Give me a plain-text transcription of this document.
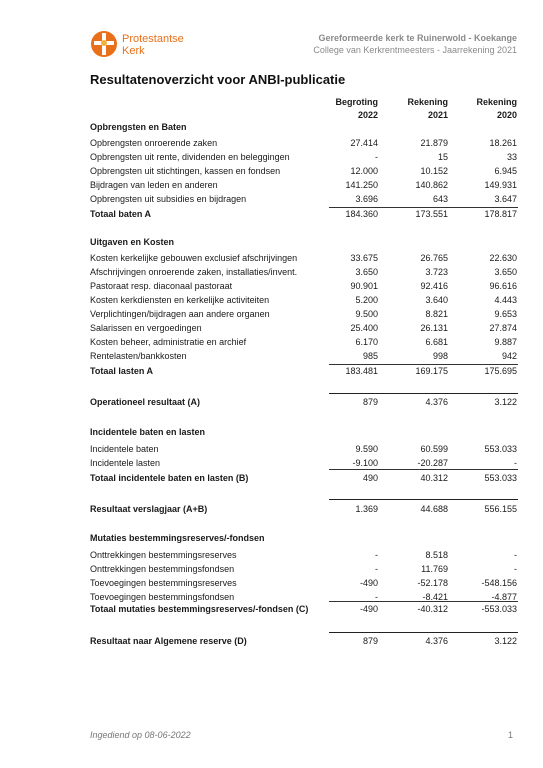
Protestantse
Kerk
Gereformeerde kerk te Ruinerwold - Koekange
College van Kerkrentmeesters - Jaarrekening 2021
Resultatenoverzicht voor ANBI-publicatie
Begroting
2022
Rekening
2021
Rekening
2020
Opbrengsten en Baten
Uitgaven en Kosten
Incidentele baten en lasten
Mutaties bestemmingsreserves/-fondsen
Opbrengsten onroerende zaken	27.414	21.879	18.261
Opbrengsten uit rente, dividenden en beleggingen	-	15	33
Opbrengsten uit stichtingen, kassen en fondsen	12.000	10.152	6.945
Bijdragen van leden en anderen	141.250	140.862	149.931
Opbrengsten uit subsidies en bijdragen	3.696	643	3.647
Totaal baten A	184.360	173.551	178.817
Kosten kerkelijke gebouwen exclusief afschrijvingen	33.675	26.765	22.630
Afschrijvingen onroerende zaken, installaties/invent.	3.650	3.723	3.650
Pastoraat resp. diaconaal pastoraat	90.901	92.416	96.616
Kosten kerkdiensten en kerkelijke activiteiten	5.200	3.640	4.443
Verplichtingen/bijdragen aan andere organen	9.500	8.821	9.653
Salarissen en vergoedingen	25.400	26.131	27.874
Kosten beheer, administratie en archief	6.170	6.681	9.887
Rentelasten/bankkosten	985	998	942
Totaal lasten A	183.481	169.175	175.695
Operationeel resultaat (A)	879	4.376	3.122
Incidentele baten	9.590	60.599	553.033
Incidentele lasten	-9.100	-20.287	-
Totaal incidentele baten en lasten (B)	490	40.312	553.033
Resultaat verslagjaar (A+B)	1.369	44.688	556.155
Onttrekkingen bestemmingsreserves	-	8.518	-
Onttrekkingen bestemmingsfondsen	-	11.769	-
Toevoegingen bestemmingsreserves	-490	-52.178	-548.156
Toevoegingen bestemmingsfondsen	-	-8.421	-4.877
Totaal mutaties bestemmingsreserves/-fondsen (C)	-490	-40.312	-553.033
Resultaat naar Algemene reserve (D)	879	4.376	3.122
Ingediend op 08-06-2022	1
